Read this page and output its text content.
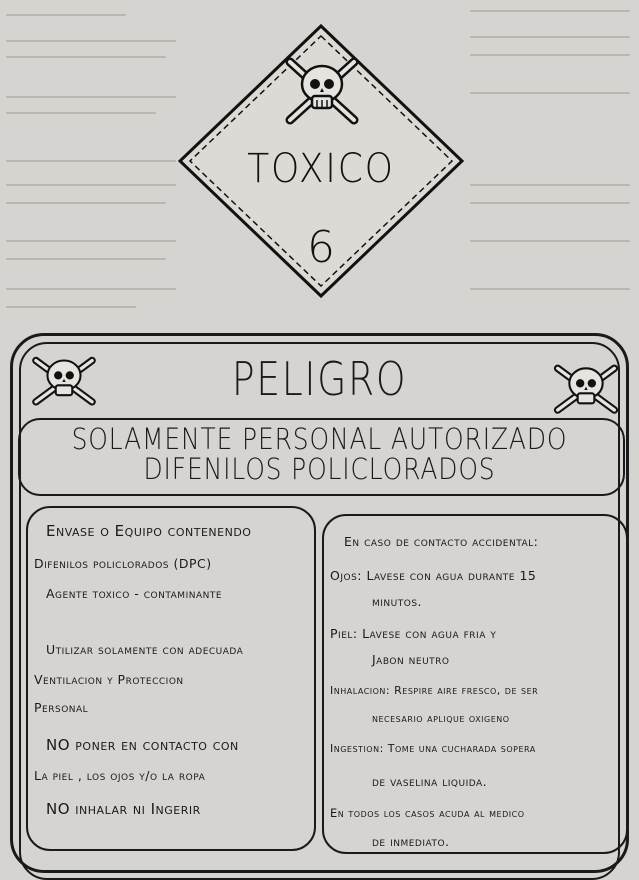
TOXICO
6
PELIGRO
SOLAMENTE PERSONAL AUTORIZADO
DIFENILOS POLICLORADOS
Envase o Equipo contenendo
Difenilos policlorados (DPC)
Agente toxico - contaminante
Utilizar solamente con adecuada
Ventilacion y Proteccion
Personal
NO poner en contacto con
La piel , los ojos y/o la ropa
NO inhalar ni Ingerir
En caso de contacto accidental:
Ojos: Lavese con agua durante 15
minutos.
Piel: Lavese con agua fria y
Jabon neutro
Inhalacion: Respire aire fresco, de ser
necesario aplique oxigeno
Ingestion: Tome una cucharada sopera
de vaselina liquida.
En todos los casos acuda al medico
de inmediato.
